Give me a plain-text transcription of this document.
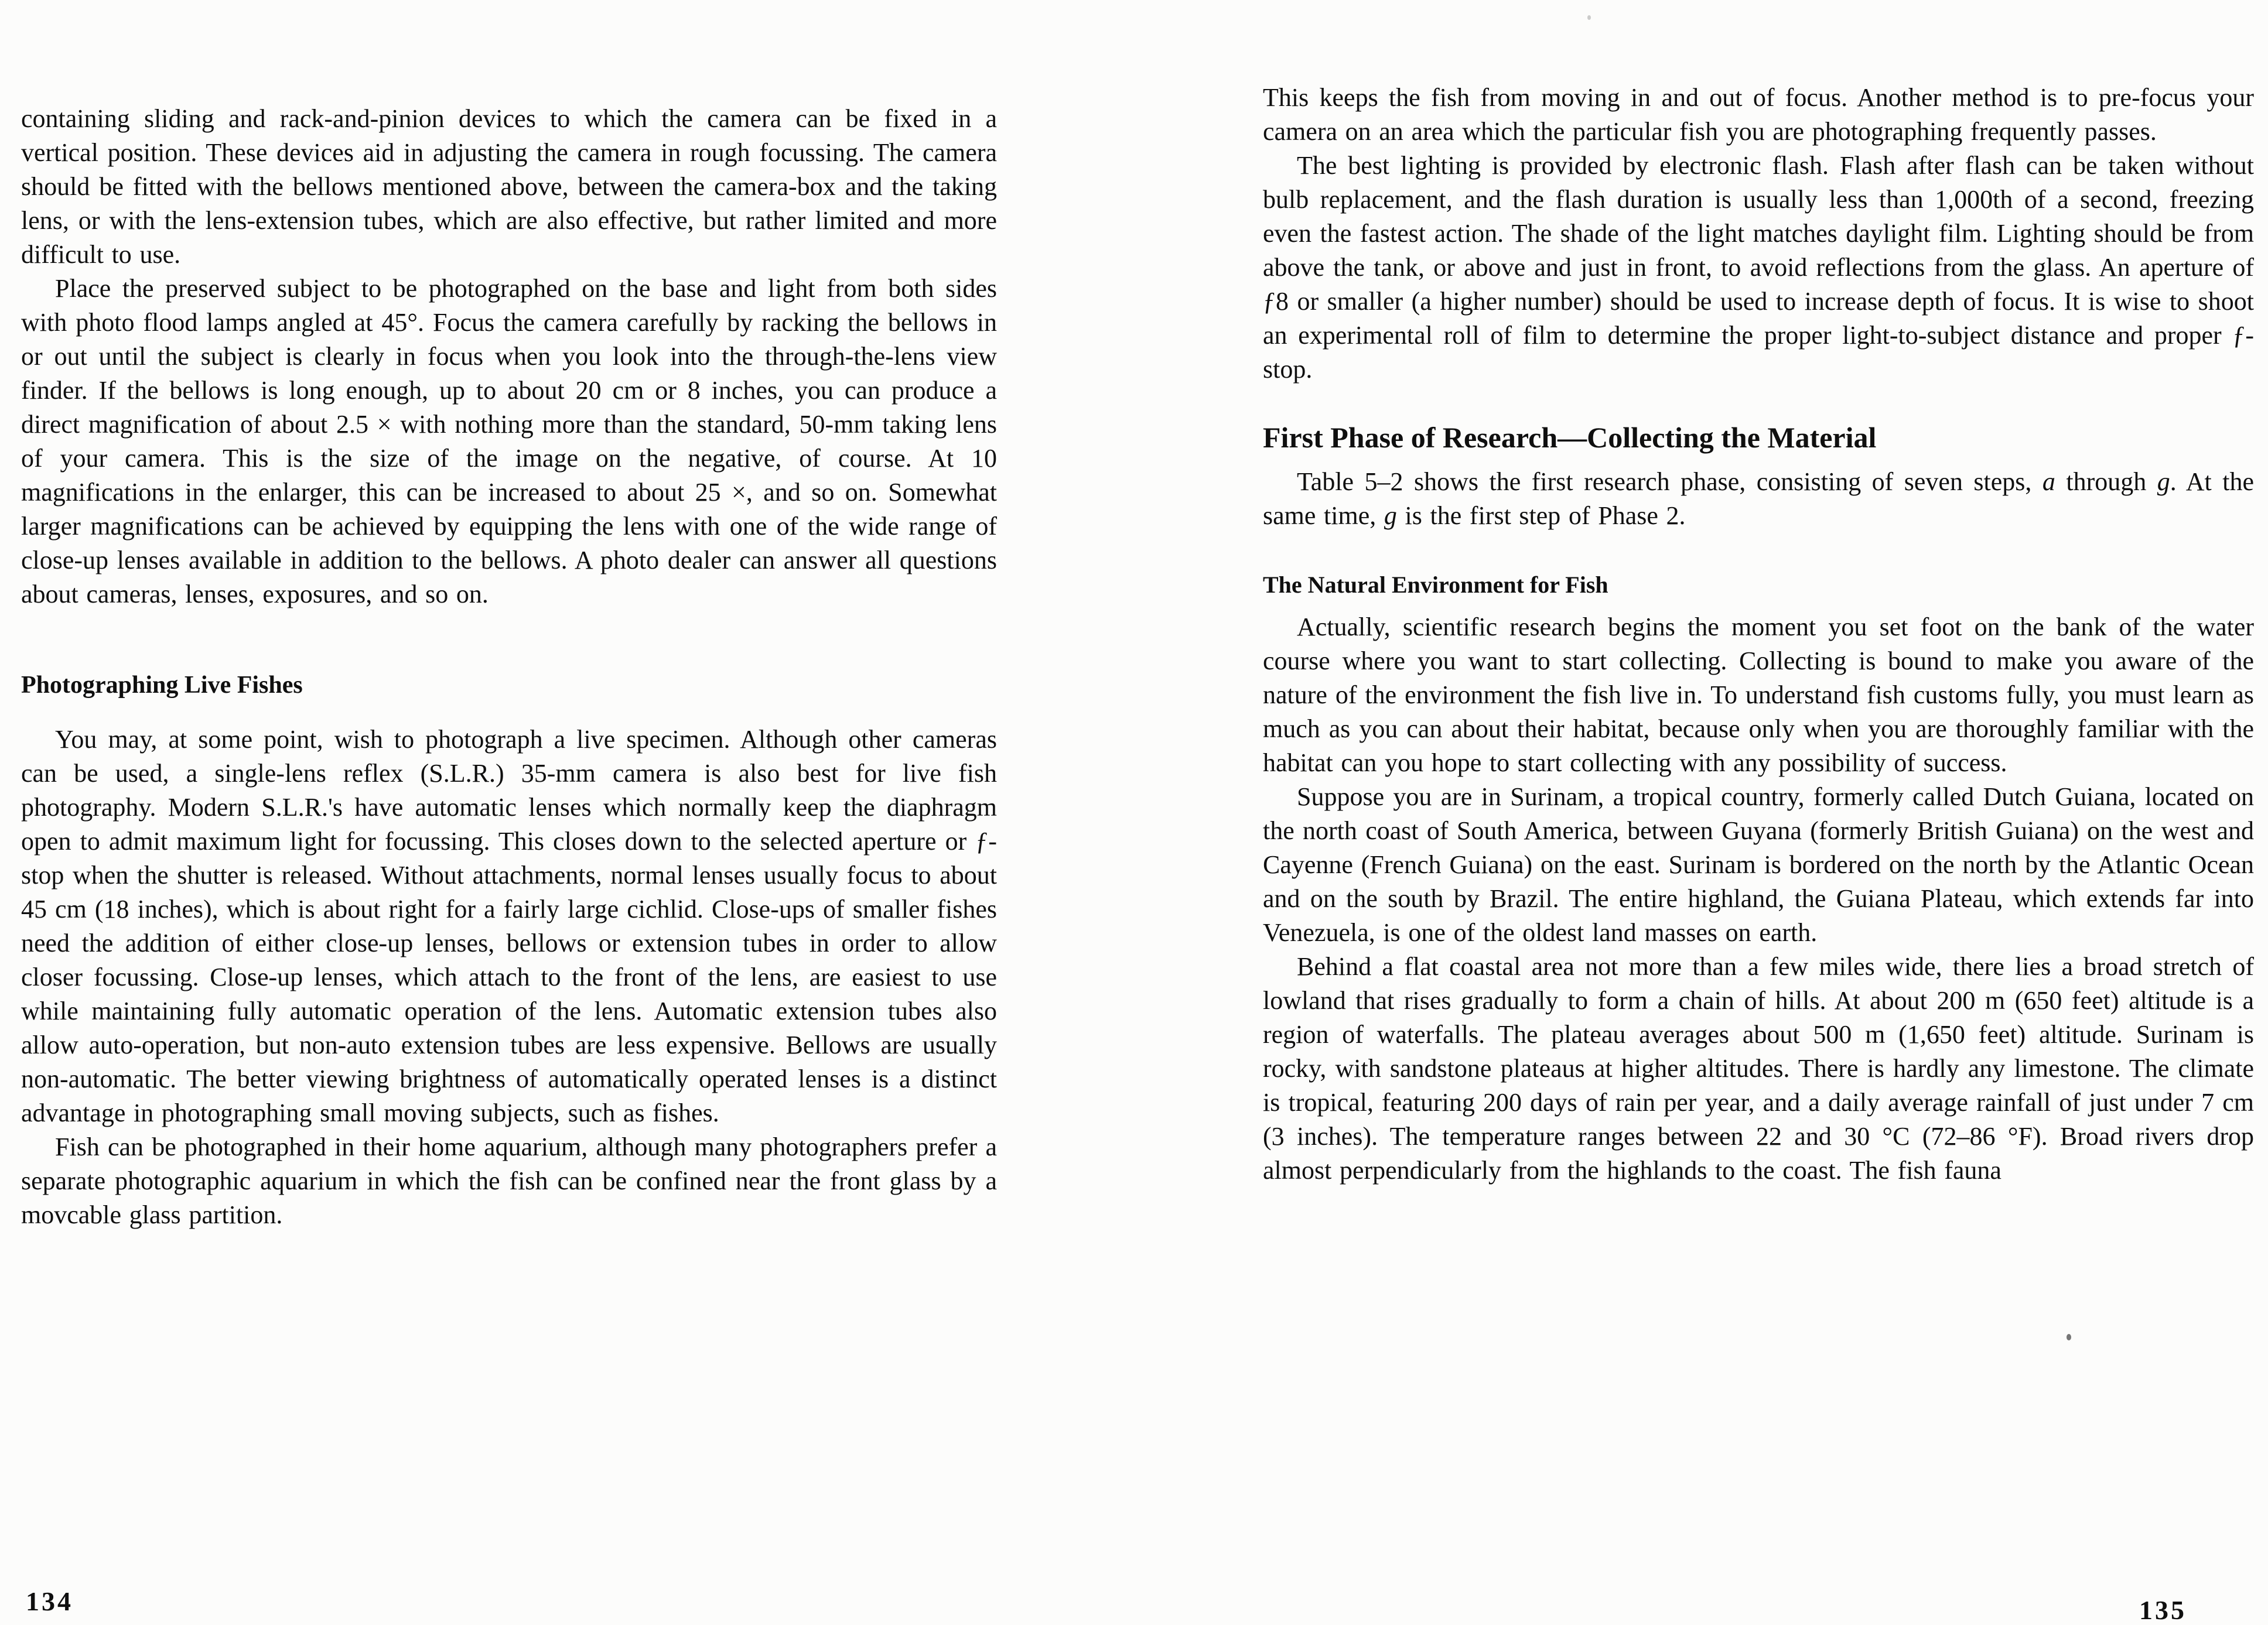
containing sliding and rack-and-pinion devices to which the camera can be fixed in a vertical position. These devices aid in adjusting the camera in rough focussing. The camera should be fitted with the bellows mentioned above, between the camera-box and the taking lens, or with the lens-extension tubes, which are also effective, but rather limited and more difficult to use.

Place the preserved subject to be photographed on the base and light from both sides with photo flood lamps angled at 45°. Focus the camera carefully by racking the bellows in or out until the subject is clearly in focus when you look into the through-the-lens view finder. If the bellows is long enough, up to about 20 cm or 8 inches, you can produce a direct magnification of about 2.5 × with nothing more than the standard, 50-mm taking lens of your camera. This is the size of the image on the negative, of course. At 10 magnifications in the enlarger, this can be increased to about 25 ×, and so on. Somewhat larger magnifications can be achieved by equipping the lens with one of the wide range of close-up lenses available in addition to the bellows. A photo dealer can answer all questions about cameras, lenses, exposures, and so on.

Photographing Live Fishes

You may, at some point, wish to photograph a live specimen. Although other cameras can be used, a single-lens reflex (S.L.R.) 35-mm camera is also best for live fish photography. Modern S.L.R.'s have automatic lenses which normally keep the diaphragm open to admit maximum light for focussing. This closes down to the selected aperture or ƒ-stop when the shutter is released. Without attachments, normal lenses usually focus to about 45 cm (18 inches), which is about right for a fairly large cichlid. Close-ups of smaller fishes need the addition of either close-up lenses, bellows or extension tubes in order to allow closer focussing. Close-up lenses, which attach to the front of the lens, are easiest to use while maintaining fully automatic operation of the lens. Automatic extension tubes also allow auto-operation, but non-auto extension tubes are less expensive. Bellows are usually non-automatic. The better viewing brightness of automatically operated lenses is a distinct advantage in photographing small moving subjects, such as fishes.

Fish can be photographed in their home aquarium, although many photographers prefer a separate photographic aquarium in which the fish can be confined near the front glass by a movcable glass partition.

This keeps the fish from moving in and out of focus. Another method is to pre-focus your camera on an area which the particular fish you are photographing frequently passes.

The best lighting is provided by electronic flash. Flash after flash can be taken without bulb replacement, and the flash duration is usually less than 1,000th of a second, freezing even the fastest action. The shade of the light matches daylight film. Lighting should be from above the tank, or above and just in front, to avoid reflections from the glass. An aperture of ƒ8 or smaller (a higher number) should be used to increase depth of focus. It is wise to shoot an experimental roll of film to determine the proper light-to-subject distance and proper ƒ-stop.

First Phase of Research—Collecting the Material

Table 5–2 shows the first research phase, consisting of seven steps, a through g. At the same time, g is the first step of Phase 2.

The Natural Environment for Fish

Actually, scientific research begins the moment you set foot on the bank of the water course where you want to start collecting. Collecting is bound to make you aware of the nature of the environment the fish live in. To understand fish customs fully, you must learn as much as you can about their habitat, because only when you are thoroughly familiar with the habitat can you hope to start collecting with any possibility of success.

Suppose you are in Surinam, a tropical country, formerly called Dutch Guiana, located on the north coast of South America, between Guyana (formerly British Guiana) on the west and Cayenne (French Guiana) on the east. Surinam is bordered on the north by the Atlantic Ocean and on the south by Brazil. The entire highland, the Guiana Plateau, which extends far into Venezuela, is one of the oldest land masses on earth.

Behind a flat coastal area not more than a few miles wide, there lies a broad stretch of lowland that rises gradually to form a chain of hills. At about 200 m (650 feet) altitude is a region of waterfalls. The plateau averages about 500 m (1,650 feet) altitude. Surinam is rocky, with sandstone plateaus at higher altitudes. There is hardly any limestone. The climate is tropical, featuring 200 days of rain per year, and a daily average rainfall of just under 7 cm (3 inches). The temperature ranges between 22 and 30 °C (72–86 °F). Broad rivers drop almost perpendicularly from the highlands to the coast. The fish fauna

134	135
